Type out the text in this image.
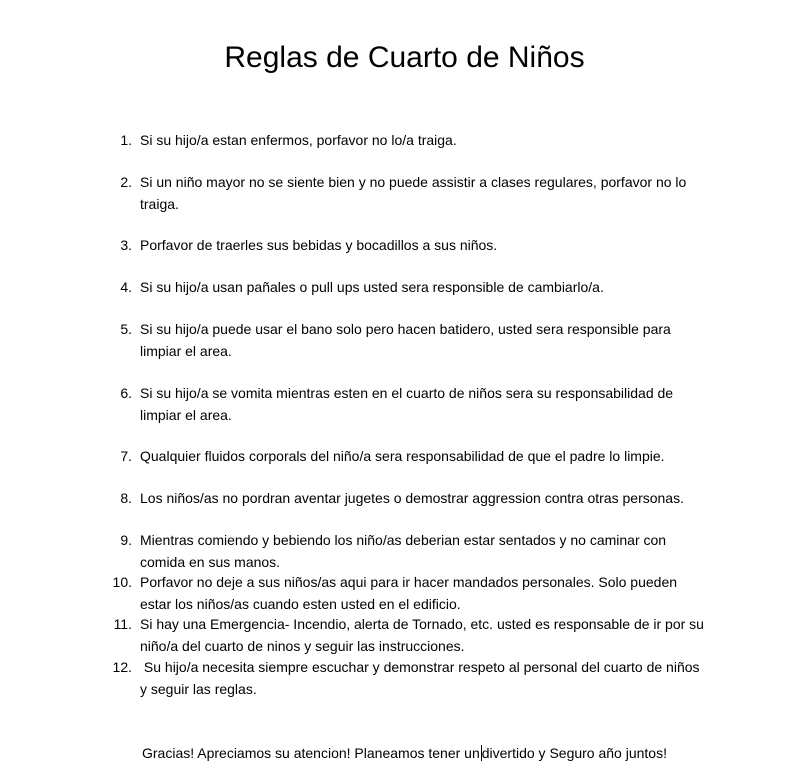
Reglas de Cuarto de Niños
1. Si su hijo/a estan enfermos, porfavor no lo/a traiga.
2. Si un niño mayor no se siente bien y no puede assistir a clases regulares, porfavor no lo traiga.
3. Porfavor de traerles sus bebidas y bocadillos a sus niños.
4. Si su hijo/a usan pañales o pull ups usted sera responsible de cambiarlo/a.
5. Si su hijo/a puede usar el bano solo pero hacen batidero, usted sera responsible para limpiar el area.
6. Si su hijo/a se vomita mientras esten en el cuarto de niños sera su responsabilidad de limpiar el area.
7. Qualquier fluidos corporals del niño/a sera responsabilidad de que el padre lo limpie.
8. Los niños/as no pordran aventar jugetes o demostrar aggression contra otras personas.
9. Mientras comiendo y bebiendo los niño/as deberian estar sentados y no caminar con comida en sus manos.
10. Porfavor no deje a sus niños/as aqui para ir hacer mandados personales. Solo pueden estar los niños/as cuando esten usted en el edificio.
11. Si hay una Emergencia- Incendio, alerta de Tornado, etc. usted es responsable de ir por su niño/a del cuarto de ninos y seguir las instrucciones.
12. Su hijo/a necesita siempre escuchar y demonstrar respeto al personal del cuarto de niños y seguir las reglas.

Gracias! Apreciamos su atencion! Planeamos tener un divertido y Seguro año juntos!
